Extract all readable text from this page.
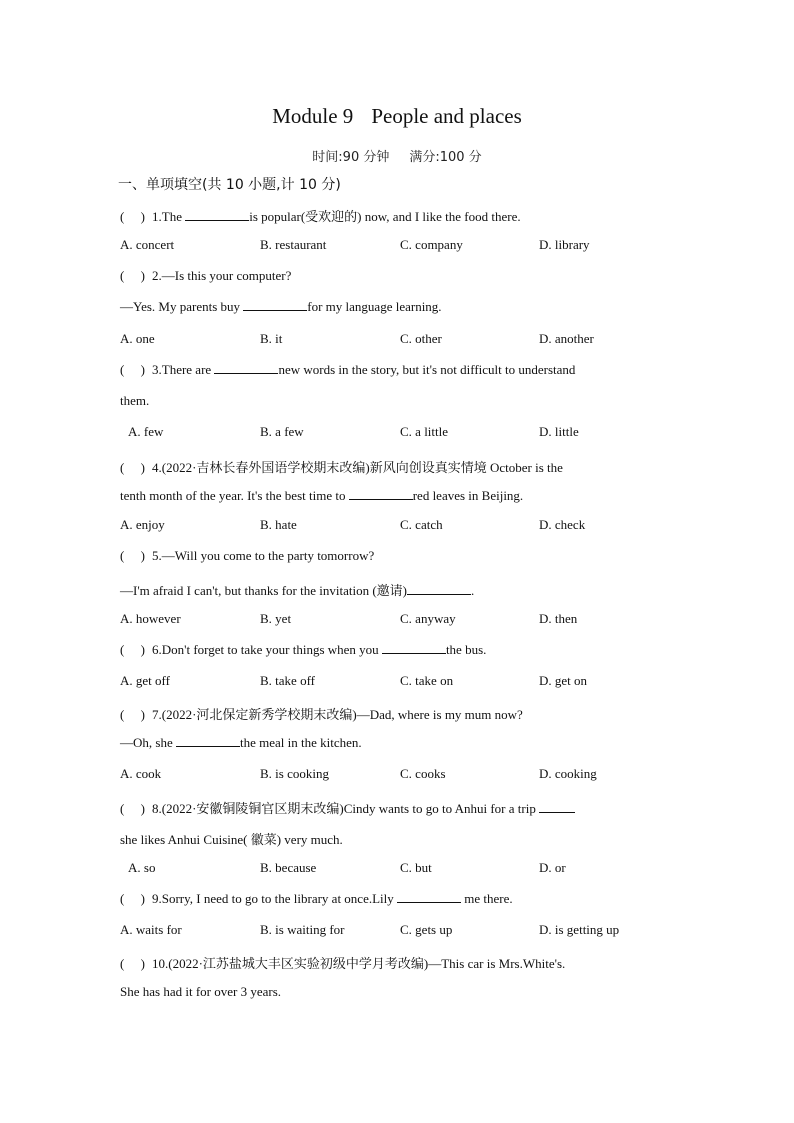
Module 9 People and places
时间:90 分钟 满分:100 分
一、单项填空(共 10 小题,计 10 分)
( ) 1.The	is popular(受欢迎的) now, and I like the food there.
A. concert	B. restaurant	C. company	D. library
( ) 2.—Is this your computer?
—Yes. My parents buy	for my language learning.
A. one	B. it	C. other	D. another
( ) 3.There are	new words in the story, but it's not difficult to understand
them.
A. few	B. a few	C. a little	D. little
( ) 4.(2022·吉林长春外国语学校期末改编)新风向创设真实情境 October is the
tenth month of the year. It's the best time to	red leaves in Beijing.
A. enjoy	B. hate	C. catch	D. check
( ) 5.—Will you come to the party tomorrow?
—I'm afraid I can't, but thanks for the invitation (邀请)	.
A. however	B. yet	C. anyway	D. then
( ) 6.Don't forget to take your things when you	the bus.
A. get off	B. take off	C. take on	D. get on
( ) 7.(2022·河北保定新秀学校期末改编)—Dad, where is my mum now?
—Oh, she	the meal in the kitchen.
A. cook	B. is cooking	C. cooks	D. cooking
( ) 8.(2022·安徽铜陵铜官区期末改编)Cindy wants to go to Anhui for a trip
she likes Anhui Cuisine( 徽菜) very much.
A. so	B. because	C. but	D. or
( ) 9.Sorry, I need to go to the library at once.Lily	me there.
A. waits for	B. is waiting for	C. gets up	D. is getting up
( ) 10.(2022·江苏盐城大丰区实验初级中学月考改编)—This car is Mrs.White's.
She has had it for over 3 years.
